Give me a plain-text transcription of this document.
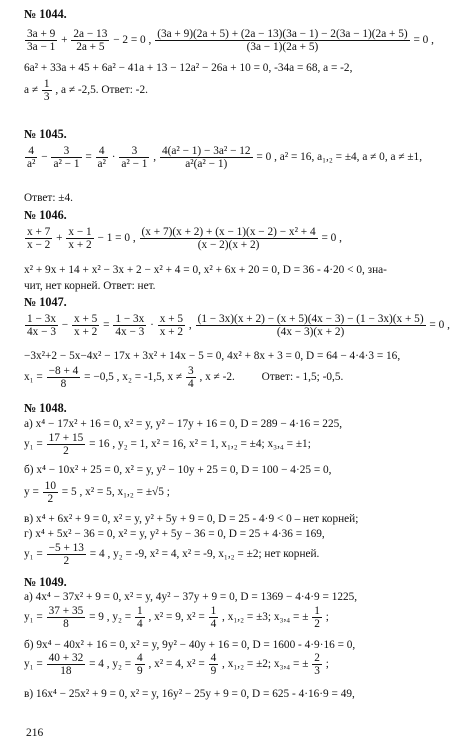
№ 1044.
$\frac{3a + 9}{3a - 1} + \frac{2a - 13}{2a + 5} - 2 = 0$ , $\frac{(3a + 9)(2a + 5) + (2a - 13)(3a - 1) - 2(3a - 1)(2a + 5)}{(3a - 1)(2a + 5)} = 0$ ,
6a² + 33a + 45 + 6a² − 41a + 13 − 12a² − 26a + 10 = 0, -34a = 68, a = -2,
$a \ne \frac{1}{3}$ , a ≠ -2,5. Ответ: -2.
№ 1045.
$\frac{4}{\text{a²}} - \frac{3}{\text{a² − 1}} = \frac{4}{\text{a²}} \cdot \frac{3}{\text{a² − 1}}$ , $\frac{\text{4(a² − 1) − 3a² − 12}}{\text{a²(a² − 1)}} = 0$ , a² = 16, a₁,₂ = ±4, a ≠ 0, a ≠ ±1,
Ответ: ±4.
№ 1046.
$\frac{x + 7}{x - 2} + \frac{x - 1}{x + 2} - 1 = 0$ , $\frac{\text{(x + 7)(x + 2) + (x − 1)(x − 2) − x² + 4}}{(x - 2)(x + 2)} = 0$ ,
x² + 9x + 14 + x² − 3x + 2 − x² + 4 = 0, x² + 6x + 20 = 0, D = 36 - 4·20 < 0, зна-
чит, нет корней. Ответ: нет.
№ 1047.
$\frac{1 - 3x}{4x - 3} - \frac{x + 5}{x + 2} = \frac{1 - 3x}{4x - 3} \cdot \frac{x + 5}{x + 2}$ , $\frac{(1 - 3x)(x + 2) - (x + 5)(4x - 3) - (1 - 3x)(x + 5)}{(4x - 3)(x + 2)} = 0$ ,
−3x²+2 − 5x−4x² − 17x + 3x² + 14x − 5 = 0, 4x² + 8x + 3 = 0, D = 64 − 4·4·3 = 16,
$x_1 = \frac{-8 + 4}{8} = -0,5$ , x₂ = -1,5, $x \ne \frac{3}{4}$ , x ≠ -2. Ответ: - 1,5; -0,5.
№ 1048.
а) x⁴ − 17x² + 16 = 0, x² = y, y² − 17y + 16 = 0, D = 289 − 4·16 = 225,
$y_1 = \frac{17 + 15}{2} = 16$ , y₂ = 1, x² = 16, x² = 1, x₁,₂ = ±4; x₃,₄ = ±1;
б) x⁴ − 10x² + 25 = 0, x² = y, y² − 10y + 25 = 0, D = 100 − 4·25 = 0,
$y = \frac{10}{2} = 5$ , x² = 5, x₁,₂ = ±√5 ;
в) x⁴ + 6x² + 9 = 0, x² = y, y² + 5y + 9 = 0, D = 25 - 4·9 < 0 – нет корней;
г) x⁴ + 5x² − 36 = 0, x² = y, y² + 5y − 36 = 0, D = 25 + 4·36 = 169,
$y_1 = \frac{-5 + 13}{2} = 4$ , y₂ = -9, x² = 4, x² = -9, x₁,₂ = ±2; нет корней.
№ 1049.
а) 4x⁴ − 37x² + 9 = 0, x² = y, 4y² − 37y + 9 = 0, D = 1369 − 4·4·9 = 1225,
$y_1 = \frac{37 + 35}{8} = 9$ , $y_2 = \frac{1}{4}$ , x² = 9, $x^2 = \frac{1}{4}$ , x₁,₂ = ±3; x₃,₄ = ± $\frac{1}{2}$ ;
б) 9x⁴ − 40x² + 16 = 0, x² = y, 9y² − 40y + 16 = 0, D = 1600 - 4·9·16 = 0,
$y_1 = \frac{40 + 32}{18} = 4$ , $y_2 = \frac{4}{9}$ , x² = 4, $x^2 = \frac{4}{9}$ , x₁,₂ = ±2; x₃,₄ = ± $\frac{2}{3}$ ;
в) 16x⁴ − 25x² + 9 = 0, x² = y, 16y² − 25y + 9 = 0, D = 625 - 4·16·9 = 49,
216
